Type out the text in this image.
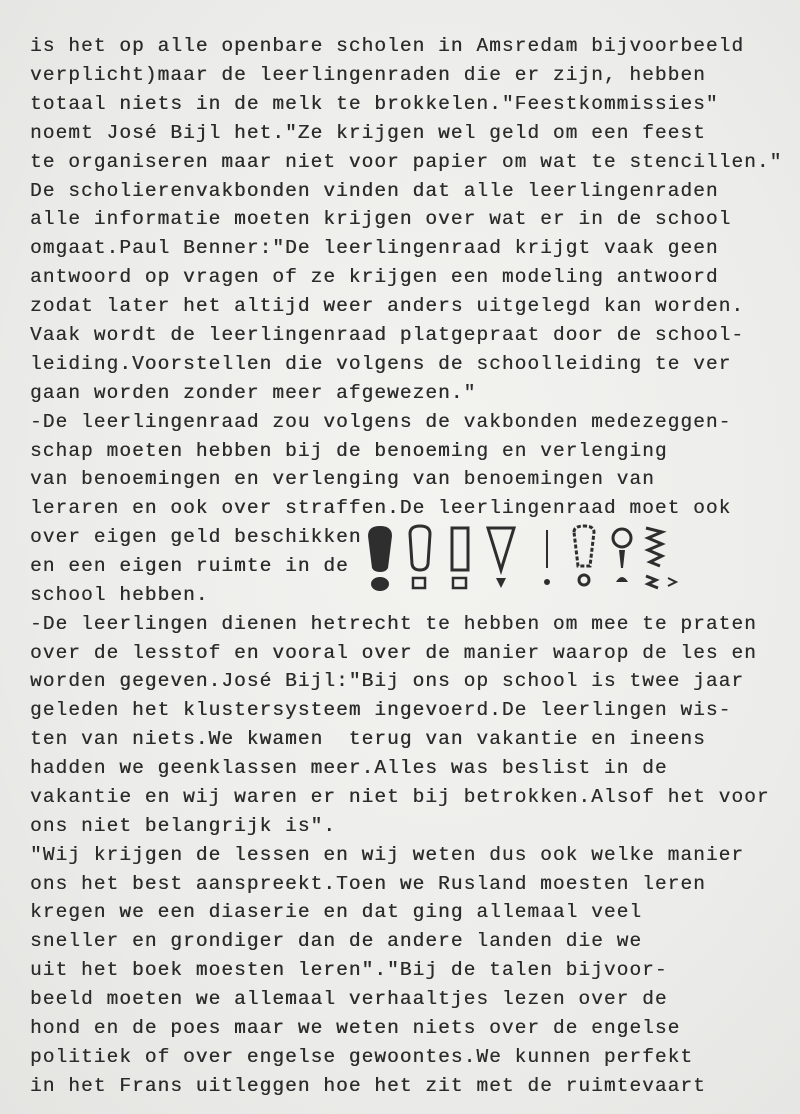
is het op alle openbare scholen in Amsredam bijvoorbeeld
verplicht)maar de leerlingenraden die er zijn, hebben
totaal niets in de melk te brokkelen."Feestkommissies"
noemt José Bijl het."Ze krijgen wel geld om een feest
te organiseren maar niet voor papier om wat te stencillen."
De scholierenvakbonden vinden dat alle leerlingenraden
alle informatie moeten krijgen over wat er in de school
omgaat.Paul Benner:"De leerlingenraad krijgt vaak geen
antwoord op vragen of ze krijgen een modeling antwoord
zodat later het altijd weer anders uitgelegd kan worden.
Vaak wordt de leerlingenraad platgepraat door de school-
leiding.Voorstellen die volgens de schoolleiding te ver
gaan worden zonder meer afgewezen."
-De leerlingenraad zou volgens de vakbonden medezeggen-
schap moeten hebben bij de benoeming en verlenging
van benoemingen en verlenging van benoemingen van
leraren en ook over straffen.De leerlingenraad moet ook
over eigen geld beschikken
en een eigen ruimte in de
school hebben.
-De leerlingen dienen hetrecht te hebben om mee te praten
over de lesstof en vooral over de manier waarop de les en
worden gegeven.José Bijl:"Bij ons op school is twee jaar
geleden het klustersysteem ingevoerd.De leerlingen wis-
ten van niets.We kwamen  terug van vakantie en ineens
hadden we geenklassen meer.Alles was beslist in de
vakantie en wij waren er niet bij betrokken.Alsof het voor
ons niet belangrijk is".
"Wij krijgen de lessen en wij weten dus ook welke manier
ons het best aanspreekt.Toen we Rusland moesten leren
kregen we een diaserie en dat ging allemaal veel
sneller en grondiger dan de andere landen die we
uit het boek moesten leren"."Bij de talen bijvoor-
beeld moeten we allemaal verhaaltjes lezen over de
hond en de poes maar we weten niets over de engelse
politiek of over engelse gewoontes.We kunnen perfekt
in het Frans uitleggen hoe het zit met de ruimtevaart
